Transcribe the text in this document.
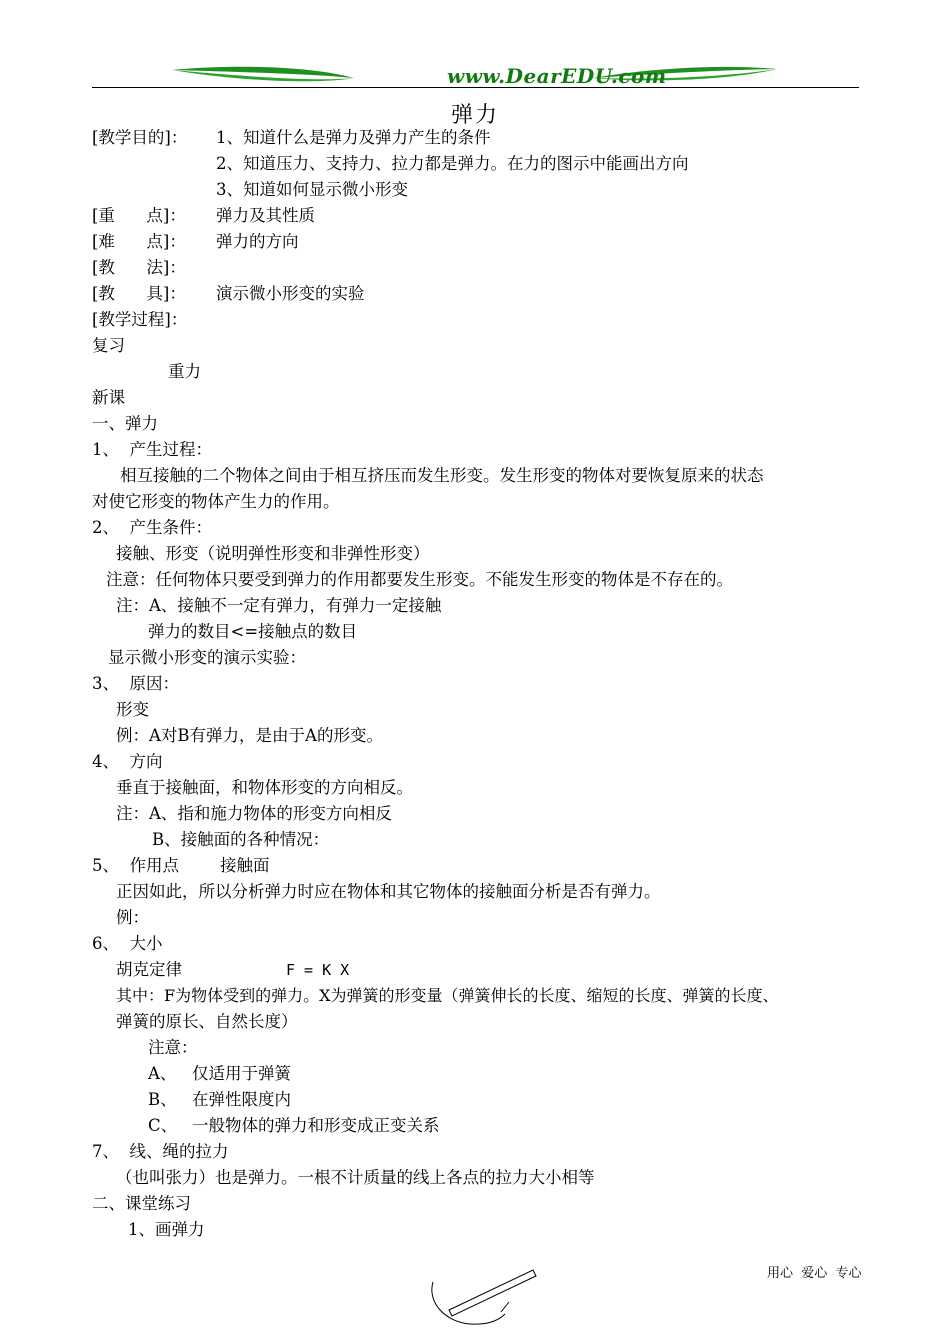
www.DearEDU.com
弹力
[教学目的]： 1、知道什么是弹力及弹力产生的条件
2、知道压力、支持力、拉力都是弹力。在力的图示中能画出方向
3、知道如何显示微小形变
[重      点]： 弹力及其性质
[难      点]： 弹力的方向
[教      法]：
[教      具]： 演示微小形变的实验
[教学过程]：
复习
重力
新课
一、弹力
1、  产生过程：
相互接触的二个物体之间由于相互挤压而发生形变。发生形变的物体对要恢复原来的状态
对使它形变的物体产生力的作用。
2、  产生条件：
接触、形变（说明弹性形变和非弹性形变）
注意：任何物体只要受到弹力的作用都要发生形变。不能发生形变的物体是不存在的。
注：A、接触不一定有弹力，有弹力一定接触
弹力的数目<=接触点的数目
显示微小形变的演示实验：
3、  原因：
形变
例：A对B有弹力，是由于A的形变。
4、  方向
垂直于接触面，和物体形变的方向相反。
注：A、指和施力物体的形变方向相反
B、接触面的各种情况：
5、  作用点 接触面
正因如此，所以分析弹力时应在物体和其它物体的接触面分析是否有弹力。
例：
6、  大小
胡克定律	F = K X
其中：F为物体受到的弹力。X为弹簧的形变量（弹簧伸长的长度、缩短的长度、弹簧的长度、
弹簧的原长、自然长度）
注意：
A、 仅适用于弹簧
B、 在弹性限度内
C、 一般物体的弹力和形变成正变关系
7、  线、绳的拉力
（也叫张力）也是弹力。一根不计质量的线上各点的拉力大小相等
二、课堂练习
1、画弹力
用心  爱心  专心
